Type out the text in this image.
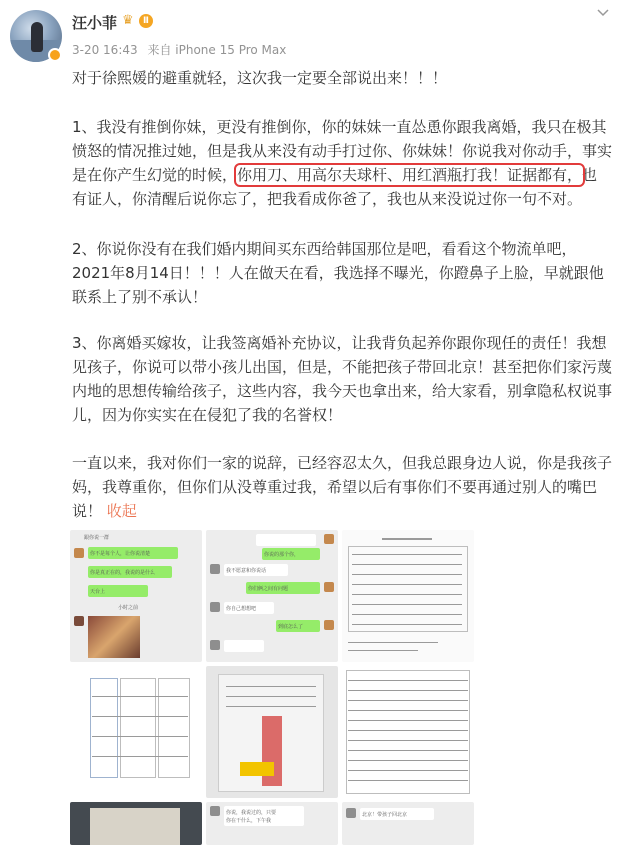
汪小菲 ♛	Ⅱ
3-20 16:43 来自 iPhone 15 Pro Max
对于徐熙媛的避重就轻，这次我一定要全部说出来！！！
1、我没有推倒你妹，更没有推倒你，你的妹妹一直怂恿你跟我离婚，我只在极其愤怒的情况推过她，但是我从来没有动手打过你、你妹妹！你说我对你动手，事实是在你产生幻觉的时候，你用刀、用高尔夫球杆、用红酒瓶打我！证据都有，也有证人，你清醒后说你忘了，把我看成你爸了，我也从来没说过你一句不对。
2、你说你没有在我们婚内期间买东西给韩国那位是吧，看看这个物流单吧，2021年8月14日！！！人在做天在看，我选择不曝光，你蹬鼻子上脸，早就跟他联系上了别不承认！
3、你离婚买嫁妆，让我签离婚补充协议，让我背负起养你跟你现任的责任！我想见孩子，你说可以带小孩儿出国，但是，不能把孩子带回北京！甚至把你们家污蔑内地的思想传输给孩子，这些内容，我今天也拿出来，给大家看，别拿隐私权说事儿，因为你实实在在侵犯了我的名誉权！
一直以来，我对你们一家的说辞，已经容忍太久，但我总跟身边人说，你是我孩子妈，我尊重你，但你们从没尊重过我，希望以后有事你们不要再通过别人的嘴巴说！ 收起
跟你说一群
你不是每个人，让你说清楚
你是真正在的，我说的是什么
天台上
小时之前
你说的那个你，
我不愿意和你说话
你们俩之间有问题
你自己想想吧
到底怎么了
你说，我说过的，只要
你在干什么，下午我
北京！带孩子回北京
